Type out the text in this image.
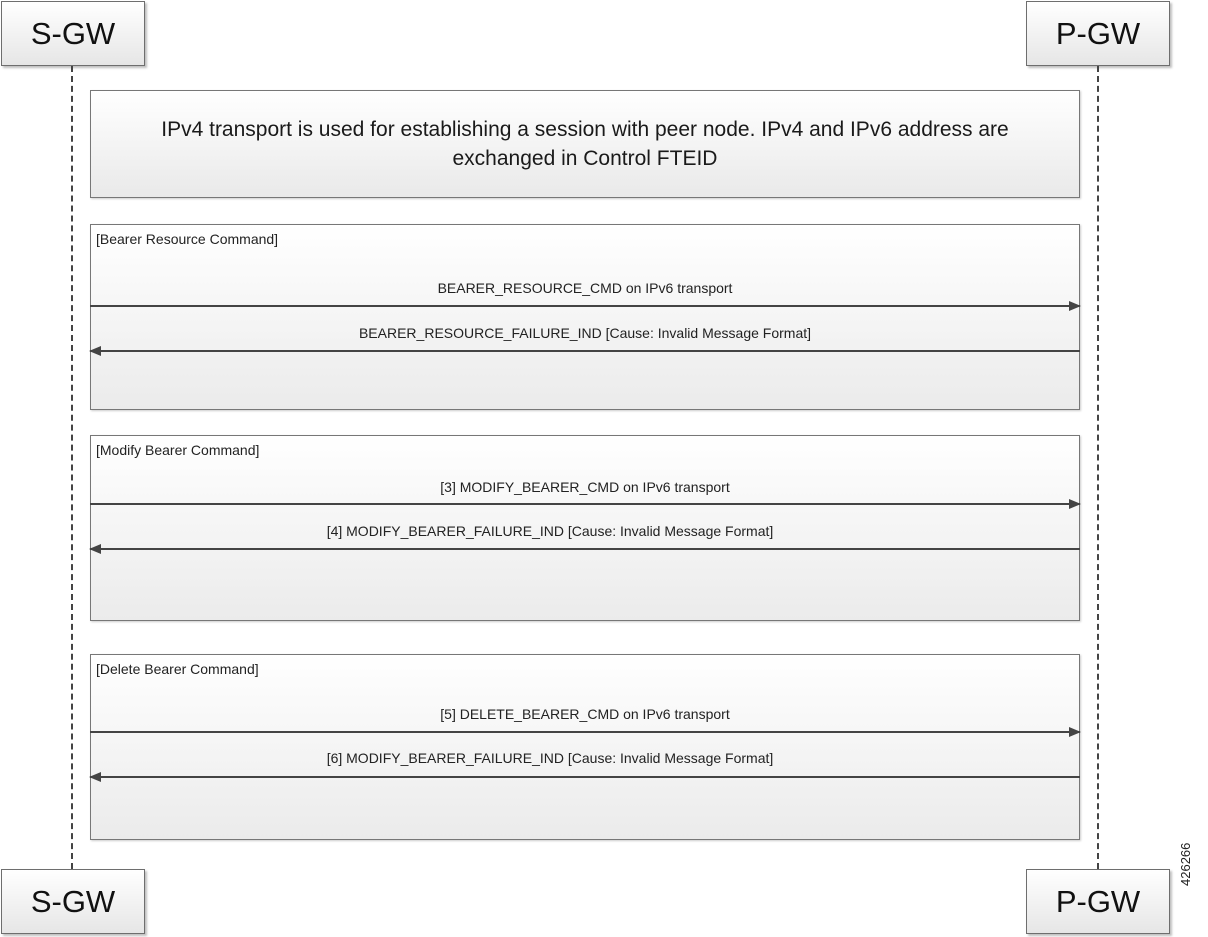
S-GW	P-GW
IPv4 transport is used for establishing a session with peer node. IPv4 and IPv6 address are
exchanged in Control FTEID
[Bearer Resource Command]
BEARER_RESOURCE_CMD on IPv6 transport
BEARER_RESOURCE_FAILURE_IND [Cause: Invalid Message Format]
[Modify Bearer Command]
[3] MODIFY_BEARER_CMD on IPv6 transport
[4] MODIFY_BEARER_FAILURE_IND [Cause: Invalid Message Format]
[Delete Bearer Command]
[5] DELETE_BEARER_CMD on IPv6 transport
[6] MODIFY_BEARER_FAILURE_IND [Cause: Invalid Message Format]
S-GW	P-GW
426266
